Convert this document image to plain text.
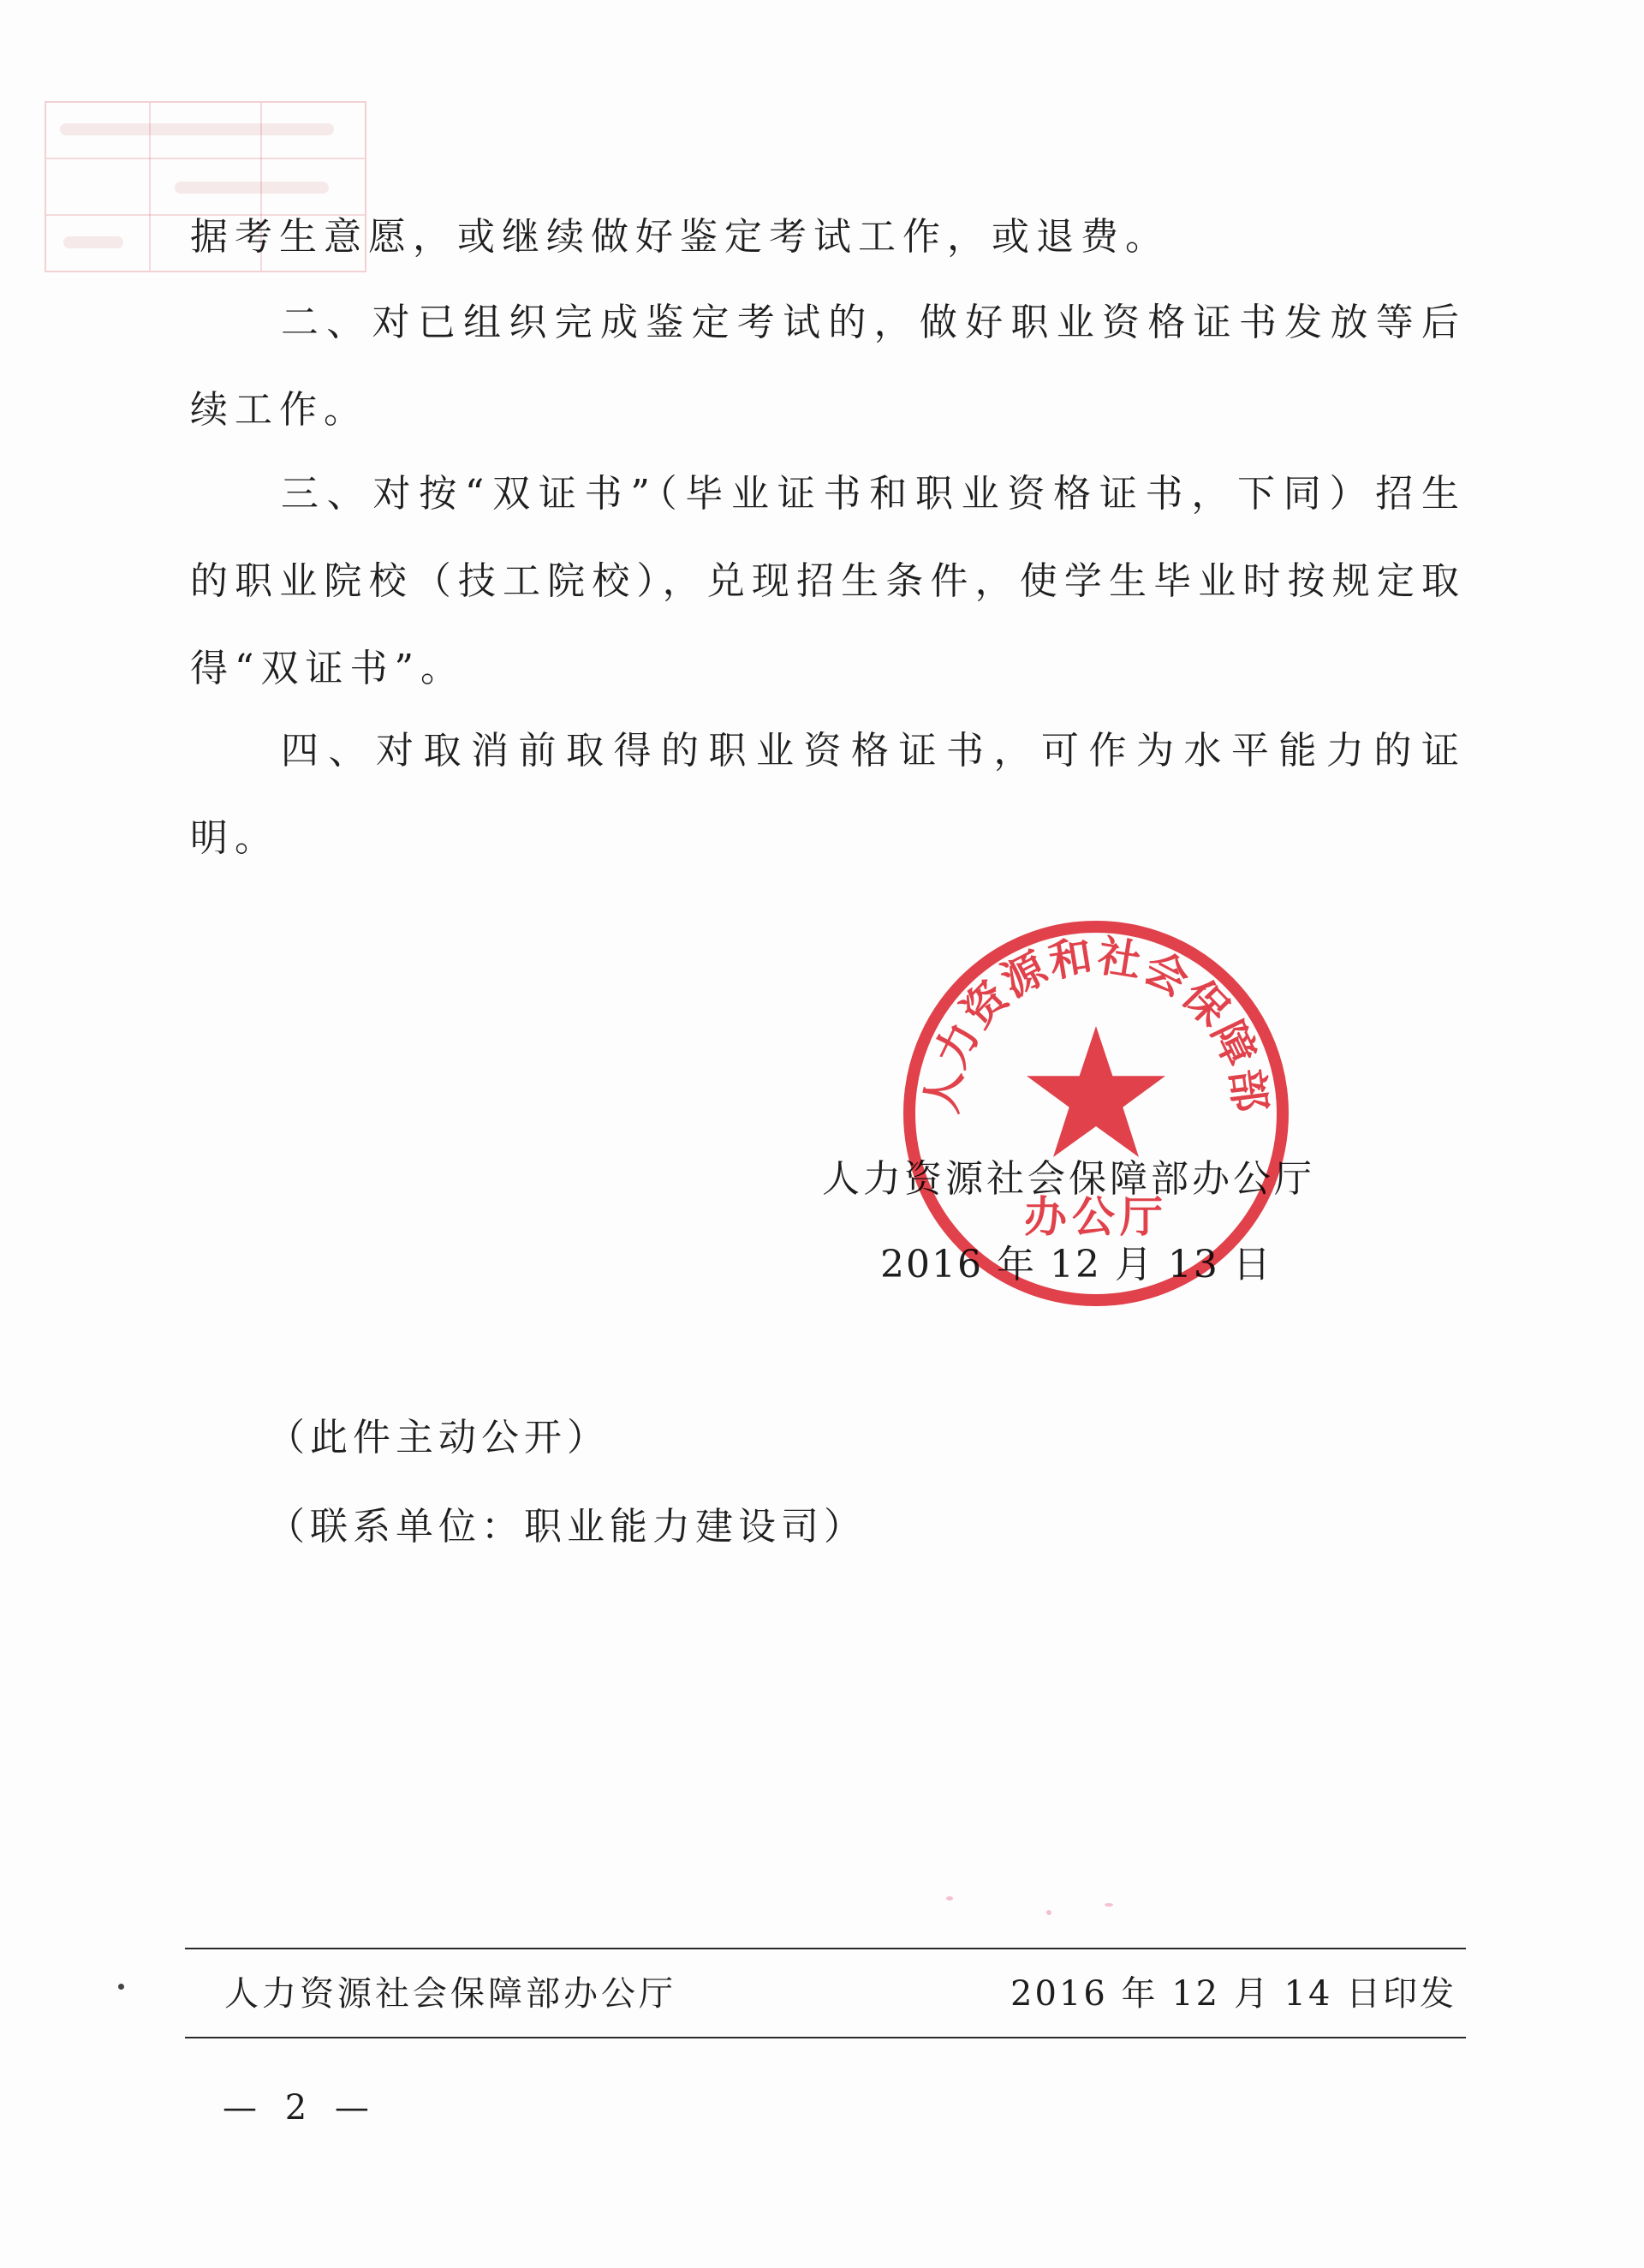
据考生意愿，或继续做好鉴定考试工作，或退费。

二、对已组织完成鉴定考试的，做好职业资格证书发放等后续工作。

三、对按“双证书”（毕业证书和职业资格证书，下同）招生的职业院校（技工院校），兑现招生条件，使学生毕业时按规定取得“双证书”。

四、对取消前取得的职业资格证书，可作为水平能力的证明。

人力资源社会保障部办公厅
2016 年 12 月 13 日
人力资源和社会保障部
办公厅
（此件主动公开）
（联系单位：职业能力建设司）
人力资源社会保障部办公厅	2016 年 12 月 14 日印发
— 2 —
